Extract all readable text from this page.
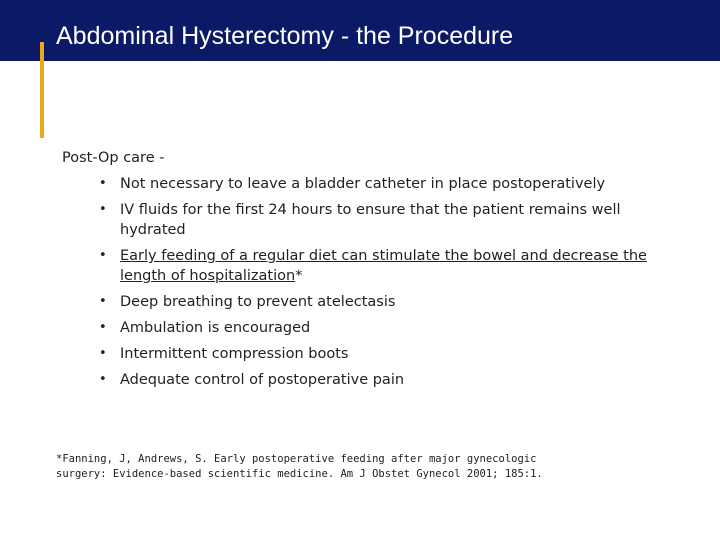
Abdominal Hysterectomy - the Procedure
Post-Op care -
• Not necessary to leave a bladder catheter in place postoperatively
• IV fluids for the first 24 hours to ensure that the patient remains well hydrated
• Early feeding of a regular diet can stimulate the bowel and decrease the length of hospitalization*
• Deep breathing to prevent atelectasis
• Ambulation is encouraged
• Intermittent compression boots
• Adequate control of postoperative pain
*Fanning, J, Andrews, S. Early postoperative feeding after major gynecologic
surgery: Evidence-based scientific medicine. Am J Obstet Gynecol 2001; 185:1.
